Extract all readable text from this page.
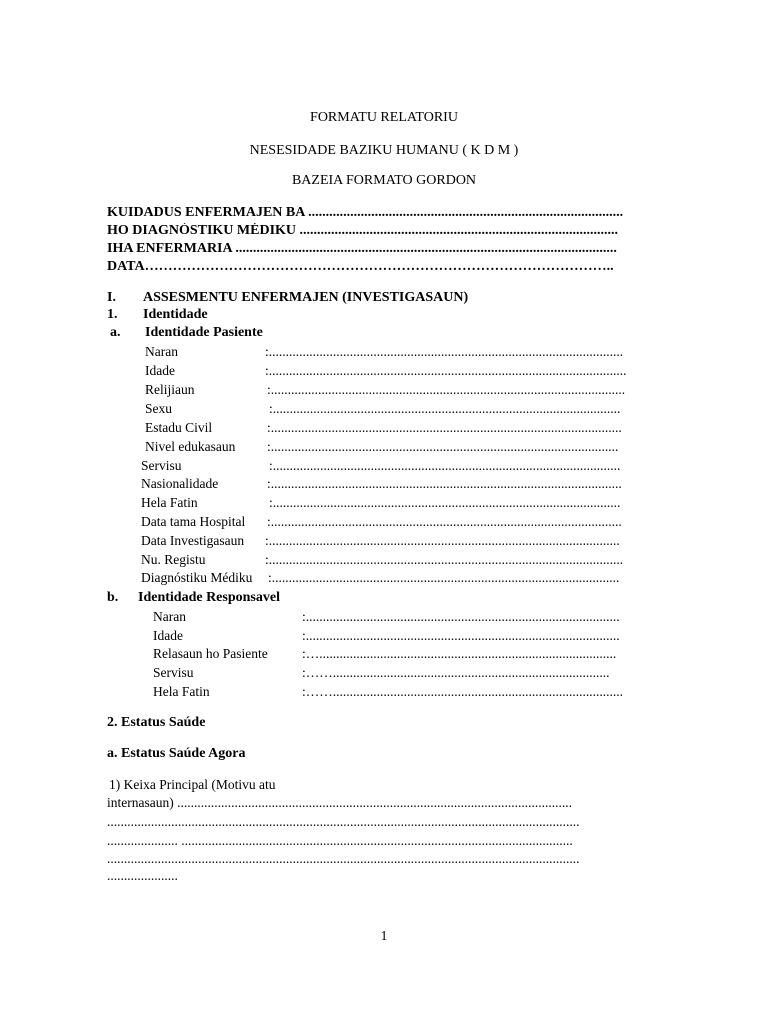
FORMATU RELATORIU
NESESIDADE BAZIKU HUMANU ( K D M )
BAZEIA FORMATO GORDON
KUIDADUS ENFERMAJEN BA ..........................................................................................
HO DIAGNÓSTIKU MÉDIKU ...........................................................................................
IHA ENFERMARIA .............................................................................................................
DATA………………………………………………………………………………………..
I. ASSESMENTU ENFERMAJEN (INVESTIGASAUN)
1. Identidade
a. Identidade Pasiente
Naran	:.........................................................................................................
Idade	:..........................................................................................................
Relijiaun	:.........................................................................................................
Sexu	:.......................................................................................................
Estadu Civil	:........................................................................................................
Nivel edukasaun :.......................................................................................................
Servisu	:.......................................................................................................
Nasionalidade	:........................................................................................................
Hela Fatin	:.......................................................................................................
Data tama Hospital :........................................................................................................
Data Investigasaun :........................................................................................................
Nu. Registu	:.........................................................................................................
Diagnóstiku Médiku :.......................................................................................................
b. Identidade Responsavel
Naran	:.............................................................................................
Idade	:.............................................................................................
Relasaun ho Pasiente	:…........................................................................................
Servisu	:……..................................................................................
Hela Fatin	:……......................................................................................
2. Estatus Saúde
a. Estatus Saúde Agora
1) Keixa Principal (Motivu atu
internasaun) .....................................................................................................................
............................................................................................................................................
..................... ....................................................................................................................
............................................................................................................................................
.....................
1
